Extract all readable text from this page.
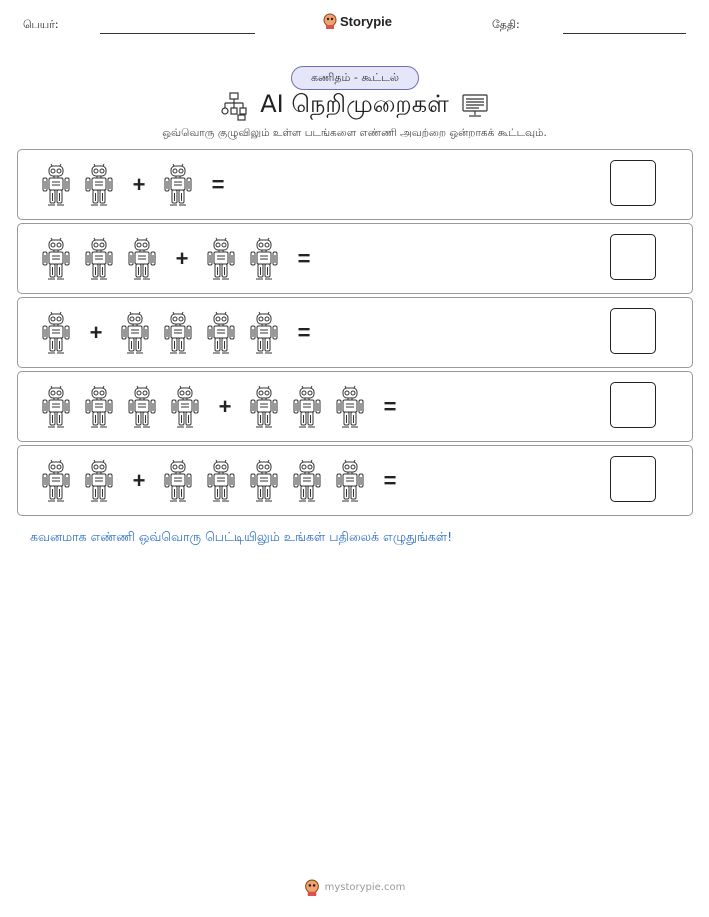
பெயர்:	Storypie	தேதி:
கணிதம் - கூட்டல்
AI நெறிமுறைகள்
ஒவ்வொரு குழுவிலும் உள்ள படங்களை எண்ணி அவற்றை ஒன்றாகக் கூட்டவும்.
+	=
+	=
+	=
+	=
+	=
கவனமாக எண்ணி ஒவ்வொரு பெட்டியிலும் உங்கள் பதிலைக் எழுதுங்கள்!
mystorypie.com
